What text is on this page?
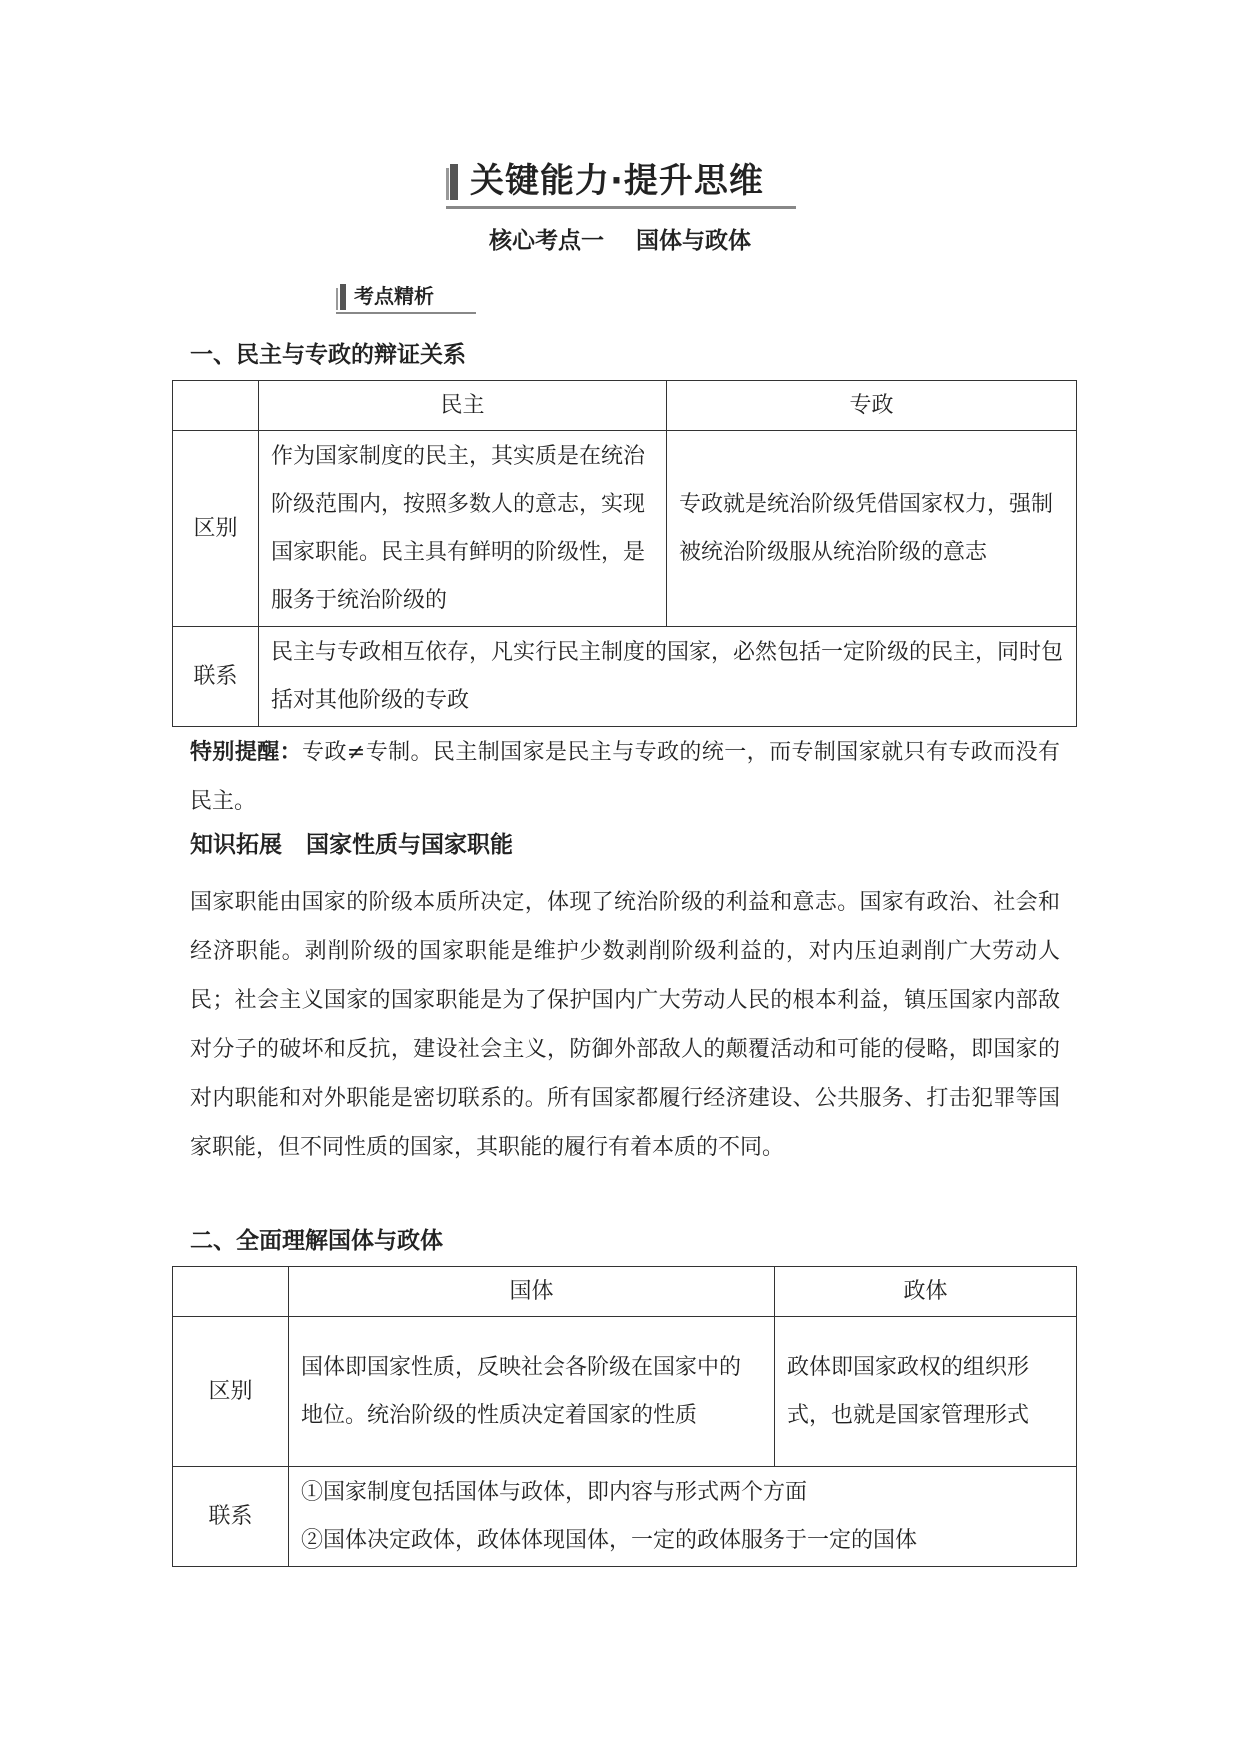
关键能力·提升思维
核心考点一 国体与政体
考点精析
一、民主与专政的辩证关系
	民主	专政
区别	作为国家制度的民主，其实质是在统治阶级范围内，按照多数人的意志，实现国家职能。民主具有鲜明的阶级性，是服务于统治阶级的	专政就是统治阶级凭借国家权力，强制被统治阶级服从统治阶级的意志
联系	民主与专政相互依存，凡实行民主制度的国家，必然包括一定阶级的民主，同时包括对其他阶级的专政	
特别提醒：专政≠专制。民主制国家是民主与专政的统一，而专制国家就只有专政而没有民主。
知识拓展 国家性质与国家职能
国家职能由国家的阶级本质所决定，体现了统治阶级的利益和意志。国家有政治、社会和经济职能。剥削阶级的国家职能是维护少数剥削阶级利益的，对内压迫剥削广大劳动人民；社会主义国家的国家职能是为了保护国内广大劳动人民的根本利益，镇压国家内部敌对分子的破坏和反抗，建设社会主义，防御外部敌人的颠覆活动和可能的侵略，即国家的对内职能和对外职能是密切联系的。所有国家都履行经济建设、公共服务、打击犯罪等国家职能，但不同性质的国家，其职能的履行有着本质的不同。
二、全面理解国体与政体
	国体	政体
区别	国体即国家性质，反映社会各阶级在国家中的地位。统治阶级的性质决定着国家的性质	政体即国家政权的组织形式，也就是国家管理形式
联系	①国家制度包括国体与政体，即内容与形式两个方面
②国体决定政体，政体体现国体，一定的政体服务于一定的国体	
